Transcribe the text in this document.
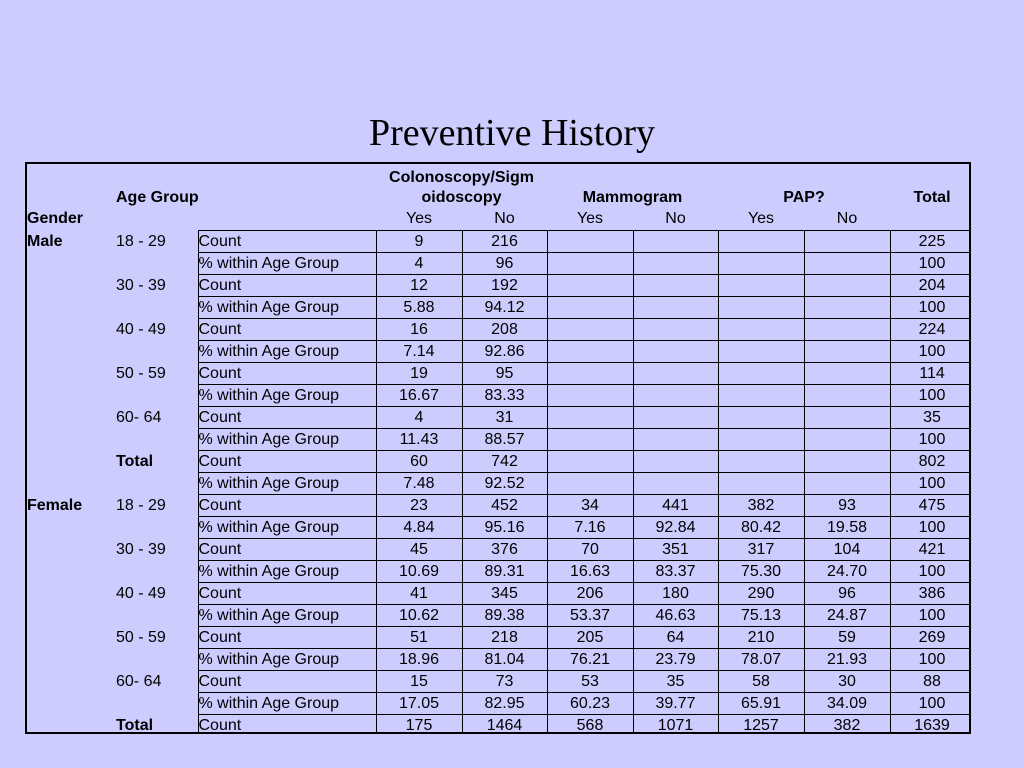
Preventive History
			Colonoscopy/Sigm						
	Age Group		oidoscopy		Mammogram		PAP?		Total
Gender			Yes	No	Yes	No	Yes	No	
Male	18 - 29	Count	9	216					225
		% within Age Group	4	96					100
	30 - 39	Count	12	192					204
		% within Age Group	5.88	94.12					100
	40 - 49	Count	16	208					224
		% within Age Group	7.14	92.86					100
	50 - 59	Count	19	95					114
		% within Age Group	16.67	83.33					100
	60- 64	Count	4	31					35
		% within Age Group	11.43	88.57					100
	Total	Count	60	742					802
		% within Age Group	7.48	92.52					100
Female	18 - 29	Count	23	452	34	441	382	93	475
		% within Age Group	4.84	95.16	7.16	92.84	80.42	19.58	100
	30 - 39	Count	45	376	70	351	317	104	421
		% within Age Group	10.69	89.31	16.63	83.37	75.30	24.70	100
	40 - 49	Count	41	345	206	180	290	96	386
		% within Age Group	10.62	89.38	53.37	46.63	75.13	24.87	100
	50 - 59	Count	51	218	205	64	210	59	269
		% within Age Group	18.96	81.04	76.21	23.79	78.07	21.93	100
	60- 64	Count	15	73	53	35	58	30	88
		% within Age Group	17.05	82.95	60.23	39.77	65.91	34.09	100
	Total	Count	175	1464	568	1071	1257	382	1639
